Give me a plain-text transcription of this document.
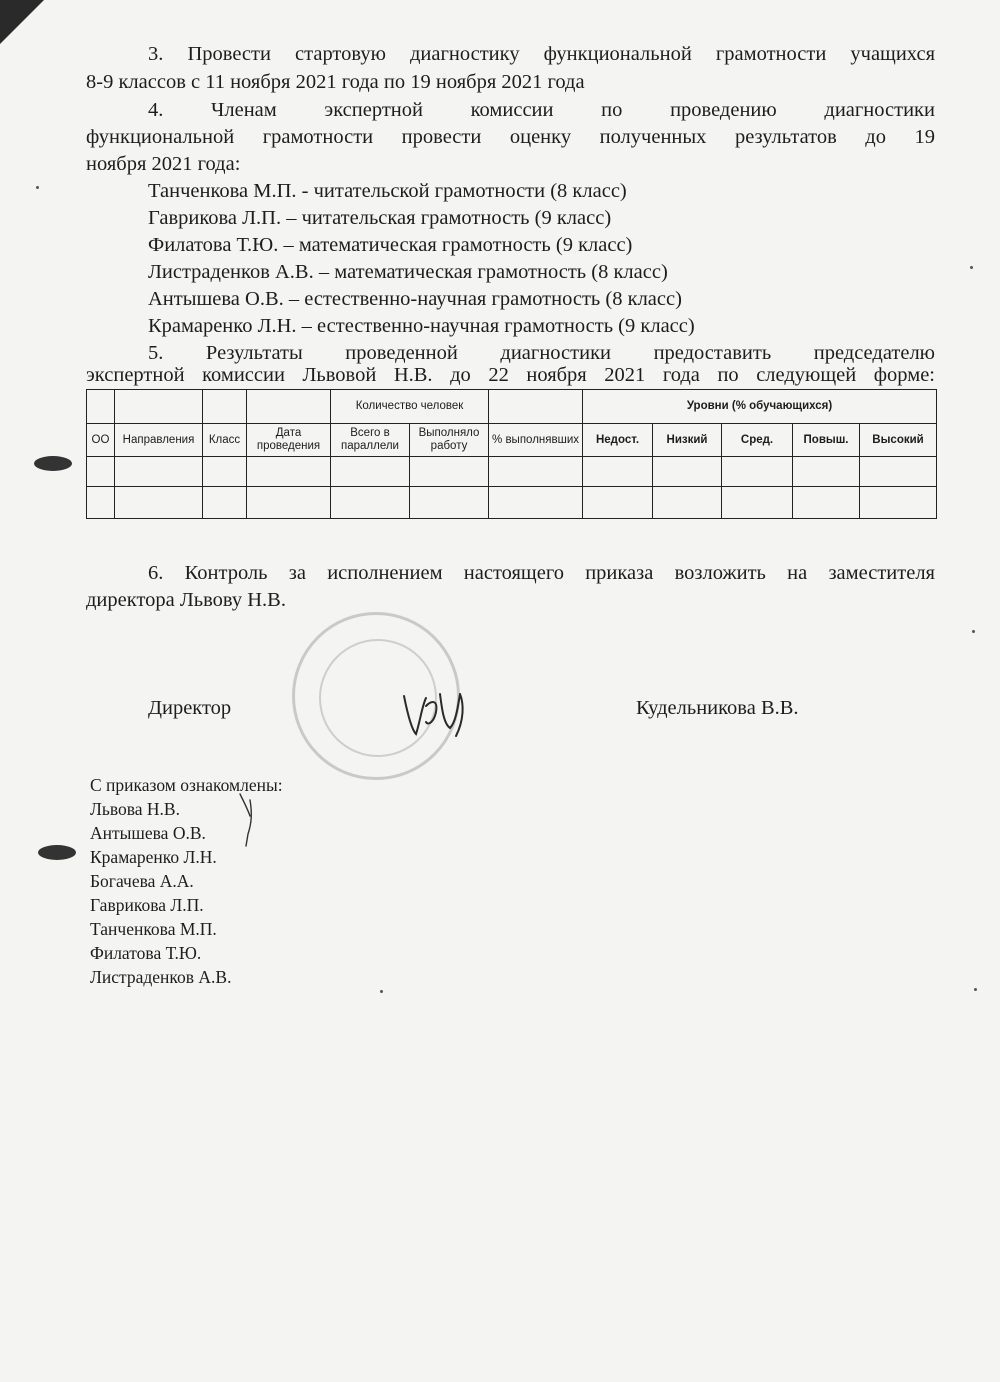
3. Провести стартовую диагностику функциональной грамотности учащихся
8-9 классов с 11 ноября 2021 года по 19 ноября 2021 года
4. Членам экспертной комиссии по проведению диагностики
функциональной грамотности провести оценку полученных результатов до 19
ноября 2021 года:
Танченкова М.П. - читательской грамотности (8 класс)
Гаврикова Л.П. – читательская грамотность (9 класс)
Филатова Т.Ю. – математическая грамотность (9 класс)
Листраденков А.В. – математическая грамотность (8 класс)
Антышева О.В. – естественно-научная грамотность (8 класс)
Крамаренко Л.Н. – естественно-научная грамотность (9 класс)
5. Результаты проведенной диагностики предоставить председателю
экспертной комиссии Львовой Н.В. до 22 ноября 2021 года по следующей форме:
				Количество человек			Уровни (% обучающихся)				
ОО	Направления	Класс	Дата проведения	Всего в параллели	Выполняло работу	% выполнявших	Недост.	Низкий	Сред.	Повыш.	Высокий

6. Контроль за исполнением настоящего приказа возложить на заместителя
директора Львову Н.В.
Директор	Кудельникова В.В.
С приказом ознакомлены:
Львова Н.В.
Антышева О.В.
Крамаренко Л.Н.
Богачева А.А.
Гаврикова Л.П.
Танченкова М.П.
Филатова Т.Ю.
Листраденков А.В.
